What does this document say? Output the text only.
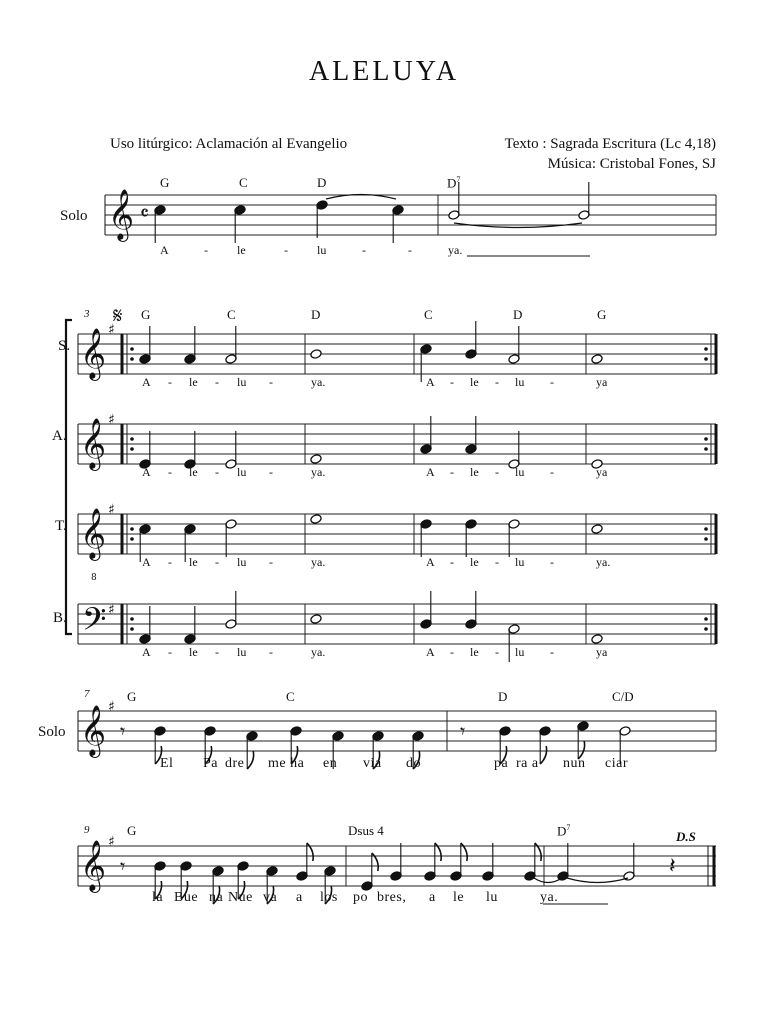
𝄞 𝄴
𝄋
𝄞 ♯
𝄞 ♯
𝄞
8
♯
𝄢 ♯
𝄞 ♯
𝄾	𝄾
𝄞 ♯
𝄾	𝄽
ALELUYA
Uso litúrgico: Aclamación al Evangelio	Texto : Sagrada Escritura (Lc 4,18)
Música: Cristobal Fones, SJ
Solo
G	C	D	$D^7$
A	- le	- lu	-	-	ya.
3	G	C	D	C	D	G
S.
A.
T.
B.
A - le - lu -	ya.	A - le - lu -	ya
A - le - lu -	ya.	A - le - lu -	ya
A - le - lu -	ya.	A - le - lu -	ya.
A - le - lu -	ya.	A - le - lu -	ya
7
Solo
G	C	D	C/D
El Pa dre me ha en via do	pa ra a nun ciar
9	G	Dsus 4	$D^7$
D.S
la Bue na Nue va a los po bres, a le lu	ya.
